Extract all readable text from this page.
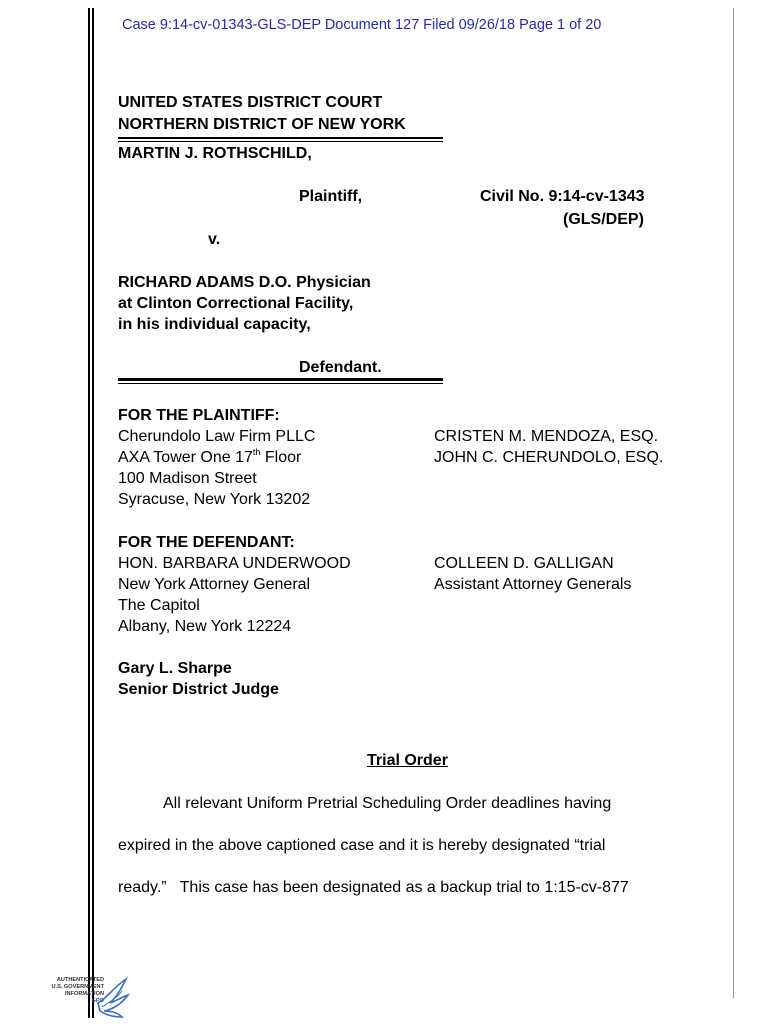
Case 9:14-cv-01343-GLS-DEP Document 127 Filed 09/26/18 Page 1 of 20
UNITED STATES DISTRICT COURT
NORTHERN DISTRICT OF NEW YORK
MARTIN J. ROTHSCHILD,
Plaintiff,	Civil No. 9:14-cv-1343
(GLS/DEP)
v.
RICHARD ADAMS D.O. Physician
at Clinton Correctional Facility,
in his individual capacity,
Defendant.
FOR THE PLAINTIFF:
Cherundolo Law Firm PLLC
AXA Tower One 17th Floor
100 Madison Street
Syracuse, New York 13202
CRISTEN M. MENDOZA, ESQ.
JOHN C. CHERUNDOLO, ESQ.
FOR THE DEFENDANT:
HON. BARBARA UNDERWOOD
New York Attorney General
The Capitol
Albany, New York 12224
COLLEEN D. GALLIGAN
Assistant Attorney Generals
Gary L. Sharpe
Senior District Judge
Trial Order
All relevant Uniform Pretrial Scheduling Order deadlines having
expired in the above captioned case and it is hereby designated “trial
ready.”   This case has been designated as a backup trial to 1:15-cv-877
AUTHENTICATED
U.S. GOVERNMENT
INFORMATION
GPO
